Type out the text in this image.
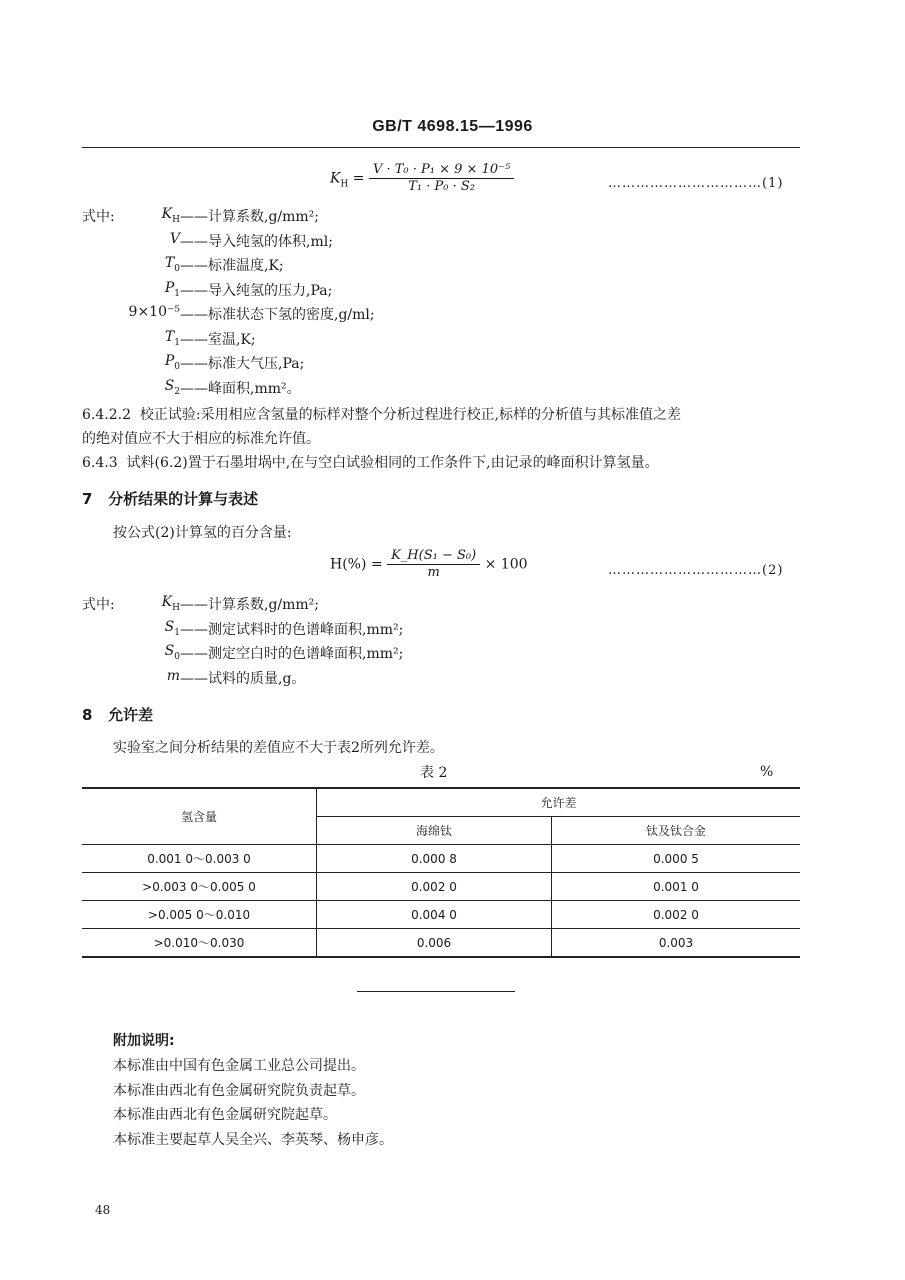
GB/T 4698.15—1996
$K_H = \frac{\text{V · T₀ · P₁ × 9 × 10⁻⁵}}{\text{T₁ · P₀ · S₂}}$	……………………………(1)
式中:	$K_H$ ——计算系数,g/mm²;
V ——导入纯氢的体积,ml;
$T_0$ ——标准温度,K;
$P_1$ ——导入纯氢的压力,Pa;
9×10⁻⁵ ——标准状态下氢的密度,g/ml;
$T_1$ ——室温,K;
$P_0$ ——标准大气压,Pa;
$S_2$ ——峰面积,mm²。
6.4.2.2 校正试验:采用相应含氢量的标样对整个分析过程进行校正,标样的分析值与其标准值之差
的绝对值应不大于相应的标准允许值。
6.4.3 试料(6.2)置于石墨坩埚中,在与空白试验相同的工作条件下,由记录的峰面积计算氢量。
7 分析结果的计算与表述
按公式(2)计算氢的百分含量:
$H(\%) = \frac{\text{K\_H(S₁ − S₀)}}{m} \times 100$	……………………………(2)
式中:	$K_H$ ——计算系数,g/mm²;
$S_1$ ——测定试料时的色谱峰面积,mm²;
$S_0$ ——测定空白时的色谱峰面积,mm²;
m ——试料的质量,g。
8 允许差
实验室之间分析结果的差值应不大于表2所列允许差。
表 2	%
氢含量	允许差	
	海绵钛	钛及钛合金
0.001 0～0.003 0	0.000 8	0.000 5
>0.003 0～0.005 0	0.002 0	0.001 0
>0.005 0～0.010	0.004 0	0.002 0
>0.010～0.030	0.006	0.003
附加说明:
本标准由中国有色金属工业总公司提出。
本标准由西北有色金属研究院负责起草。
本标准由西北有色金属研究院起草。
本标准主要起草人吴全兴、李英琴、杨申彦。
48
